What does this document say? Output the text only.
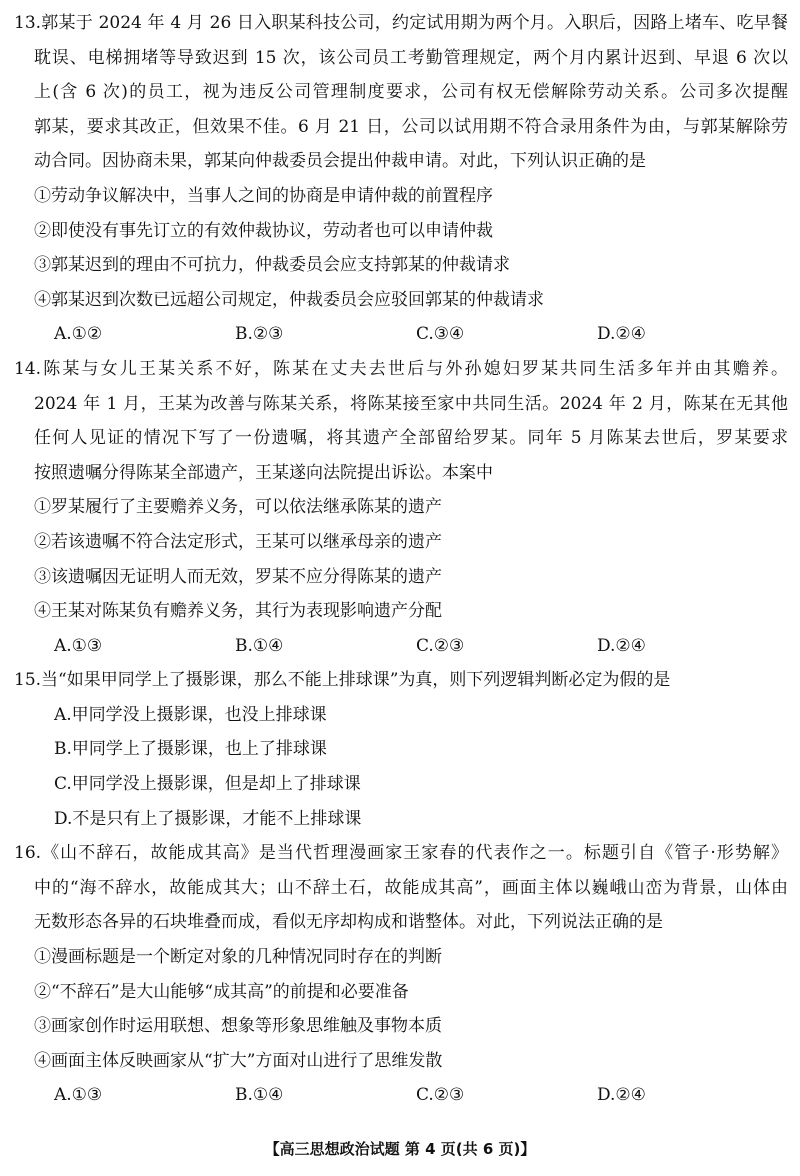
13.郭某于 2024 年 4 月 26 日入职某科技公司，约定试用期为两个月。入职后，因路上堵车、吃早餐
耽误、电梯拥堵等导致迟到 15 次，该公司员工考勤管理规定，两个月内累计迟到、早退 6 次以
上(含 6 次)的员工，视为违反公司管理制度要求，公司有权无偿解除劳动关系。公司多次提醒
郭某，要求其改正，但效果不佳。6 月 21 日，公司以试用期不符合录用条件为由，与郭某解除劳
动合同。因协商未果，郭某向仲裁委员会提出仲裁申请。对此，下列认识正确的是
①劳动争议解决中，当事人之间的协商是申请仲裁的前置程序
②即使没有事先订立的有效仲裁协议，劳动者也可以申请仲裁
③郭某迟到的理由不可抗力，仲裁委员会应支持郭某的仲裁请求
④郭某迟到次数已远超公司规定，仲裁委员会应驳回郭某的仲裁请求
A.①②	B.②③	C.③④	D.②④
14.陈某与女儿王某关系不好，陈某在丈夫去世后与外孙媳妇罗某共同生活多年并由其赡养。
2024 年 1 月，王某为改善与陈某关系，将陈某接至家中共同生活。2024 年 2 月，陈某在无其他
任何人见证的情况下写了一份遗嘱，将其遗产全部留给罗某。同年 5 月陈某去世后，罗某要求
按照遗嘱分得陈某全部遗产，王某遂向法院提出诉讼。本案中
①罗某履行了主要赡养义务，可以依法继承陈某的遗产
②若该遗嘱不符合法定形式，王某可以继承母亲的遗产
③该遗嘱因无证明人而无效，罗某不应分得陈某的遗产
④王某对陈某负有赡养义务，其行为表现影响遗产分配
A.①③	B.①④	C.②③	D.②④
15.当“如果甲同学上了摄影课，那么不能上排球课”为真，则下列逻辑判断必定为假的是
A.甲同学没上摄影课，也没上排球课
B.甲同学上了摄影课，也上了排球课
C.甲同学没上摄影课，但是却上了排球课
D.不是只有上了摄影课，才能不上排球课
16.《山不辞石，故能成其高》是当代哲理漫画家王家春的代表作之一。标题引自《管子·形势解》
中的“海不辞水，故能成其大；山不辞土石，故能成其高”，画面主体以巍峨山峦为背景，山体由
无数形态各异的石块堆叠而成，看似无序却构成和谐整体。对此，下列说法正确的是
①漫画标题是一个断定对象的几种情况同时存在的判断
②“不辞石”是大山能够“成其高”的前提和必要准备
③画家创作时运用联想、想象等形象思维触及事物本质
④画面主体反映画家从“扩大”方面对山进行了思维发散
A.①③	B.①④	C.②③	D.②④
【高三思想政治试题 第 4 页(共 6 页)】
